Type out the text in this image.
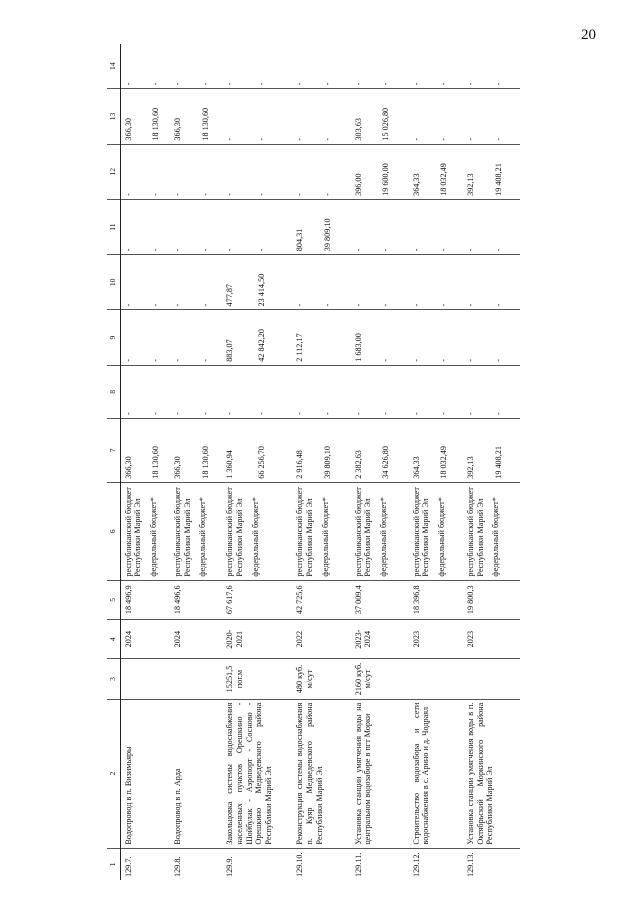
20
1	2	3	4	5	6	7	8	9	10	11	12	13	14
129.7.	Водопровод в п. Визимьяры		2024	18 496,9	республиканский бюджет Республики Марий Эл федеральный бюджет*	366,30 18 130,60	- -	- -	- -	- -	- -	366,30 18 130,60	- -

129.8.	Водопровод в п. Арда		2024	18 496,6	республиканский бюджет Республики Марий Эл федеральный бюджет*	366,30 18 130,60	- -	- -	- -	- -	- -	366,30 18 130,60	- -

129.9.	Закольцовка системы водоснабжения населенных пунктов Орешкино - Шойбулак - Аэропорт - Сосново - Орешкино Медведевского района Республики Марий Эл	15251,5 пог.м	2020-2021	67 617,6	республиканский бюджет Республики Марий Эл федеральный бюджет*	1 360,94 66 256,70	- -	883,07 42 842,20	477,87 23 414,50	- -	- -	- -	- -

129.10.	Реконструкция системы водоснабжения п. Куяр Медведевского района Республики Марий Эл	480 куб. м/сут	2022	42 725,6	республиканский бюджет Республики Марий Эл федеральный бюджет*	2 916,48 39 809,10	- -	2 112,17	- -	804,31 39 809,10	- -	- -	- -

129.11.	Установка станции умягчения воды на центральном водозаборе в пгт Морки	2160 куб. м/сут	2023-2024	37 009,4	республиканский бюджет Республики Марий Эл федеральный бюджет*	2 382,63 34 626,80	- -	1 683,00 -	- -	- -	396,00 19 600,00	303,63 15 026,80	- -

129.12.	Строительство водозабора и сети водоснабжения в с. Арино и д. Чодраял		2023	18 396,8	республиканский бюджет Республики Марий Эл федеральный бюджет*	364,33 18 032,49	- -	- -	- -	- -	364,33 18 032,49	- -	- -

129.13.	Установка станции умягчения воды в п. Октябрьский Моркинского района Республики Марий Эл		2023	19 800,3	республиканский бюджет Республики Марий Эл федеральный бюджет*	392,13 19 408,21	- -	- -	- -	- -	392,13 19 408,21	- -	- -
